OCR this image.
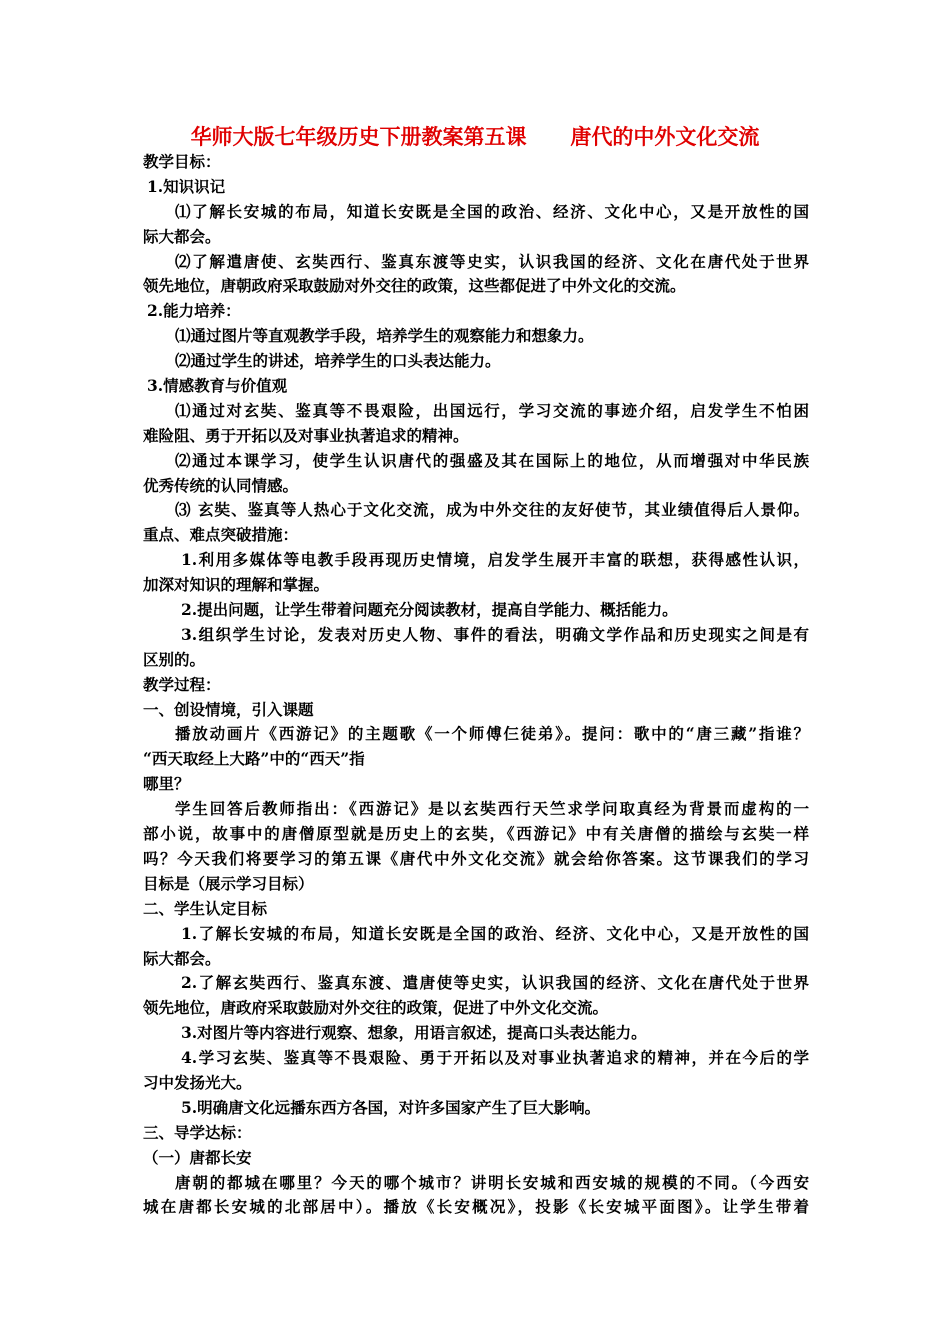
华师大版七年级历史下册教案第五课      唐代的中外文化交流
教学目标：
1.知识识记
⑴了解长安城的布局，知道长安既是全国的政治、经济、文化中心，又是开放性的国
际大都会。
⑵了解遣唐使、玄奘西行、鉴真东渡等史实，认识我国的经济、文化在唐代处于世界
领先地位，唐朝政府采取鼓励对外交往的政策，这些都促进了中外文化的交流。
2.能力培养：
⑴通过图片等直观教学手段，培养学生的观察能力和想象力。
⑵通过学生的讲述，培养学生的口头表达能力。
3.情感教育与价值观
⑴通过对玄奘、鉴真等不畏艰险，出国远行，学习交流的事迹介绍，启发学生不怕困
难险阻、勇于开拓以及对事业执著追求的精神。
⑵通过本课学习，使学生认识唐代的强盛及其在国际上的地位，从而增强对中华民族
优秀传统的认同情感。
⑶ 玄奘、鉴真等人热心于文化交流，成为中外交往的友好使节，其业绩值得后人景仰。
重点、难点突破措施：
1.利用多媒体等电教手段再现历史情境，启发学生展开丰富的联想，获得感性认识，
加深对知识的理解和掌握。
2.提出问题，让学生带着问题充分阅读教材，提高自学能力、概括能力。
3.组织学生讨论，发表对历史人物、事件的看法，明确文学作品和历史现实之间是有
区别的。
教学过程：
一、创设情境，引入课题
播放动画片《西游记》的主题歌《一个师傅仨徒弟》。提问：歌中的“唐三藏”指谁？
“西天取经上大路”中的“西天”指
哪里？
学生回答后教师指出：《西游记》是以玄奘西行天竺求学问取真经为背景而虚构的一
部小说，故事中的唐僧原型就是历史上的玄奘，《西游记》中有关唐僧的描绘与玄奘一样
吗？今天我们将要学习的第五课《唐代中外文化交流》就会给你答案。这节课我们的学习
目标是（展示学习目标）
二、学生认定目标
1.了解长安城的布局，知道长安既是全国的政治、经济、文化中心，又是开放性的国
际大都会。
2.了解玄奘西行、鉴真东渡、遣唐使等史实，认识我国的经济、文化在唐代处于世界
领先地位，唐政府采取鼓励对外交往的政策，促进了中外文化交流。
3.对图片等内容进行观察、想象，用语言叙述，提高口头表达能力。
4.学习玄奘、鉴真等不畏艰险、勇于开拓以及对事业执著追求的精神，并在今后的学
习中发扬光大。
5.明确唐文化远播东西方各国，对许多国家产生了巨大影响。
三、导学达标：
（一）唐都长安
唐朝的都城在哪里？今天的哪个城市？讲明长安城和西安城的规模的不同。（今西安
城在唐都长安城的北部居中）。播放《长安概况》，投影《长安城平面图》。让学生带着
